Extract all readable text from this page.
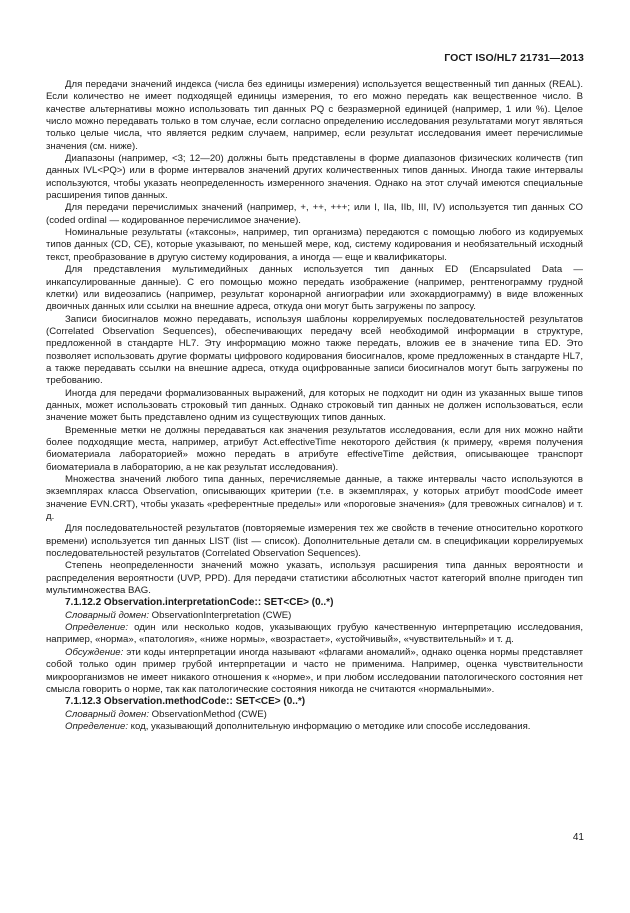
ГОСТ ISO/HL7 21731—2013

Для передачи значений индекса (числа без единицы измерения) используется вещественный тип данных (REAL). Если количество не имеет подходящей единицы измерения, то его можно передать как вещественное число. В качестве альтернативы можно использовать тип данных PQ с безразмерной единицей (например, 1 или %). Целое число можно передавать только в том случае, если согласно определению исследования результатами могут являться только целые числа, что является редким случаем, например, если результат исследования имеет перечислимые значения (см. ниже).

Диапазоны (например, <3; 12—20) должны быть представлены в форме диапазонов физических количеств (тип данных IVL<PQ>) или в форме интервалов значений других количественных типов данных. Иногда такие интервалы используются, чтобы указать неопределенность измеренного значения. Однако на этот случай имеются специальные расширения типов данных.

Для передачи перечислимых значений (например, +, ++, +++; или I, IIa, IIb, III, IV) используется тип данных CO (coded ordinal — кодированное перечислимое значение).

Номинальные результаты («таксоны», например, тип организма) передаются с помощью любого из кодируемых типов данных (CD, CE), которые указывают, по меньшей мере, код, систему кодирования и необязательный исходный текст, преобразование в другую систему кодирования, а иногда — еще и квалификаторы.

Для представления мультимедийных данных используется тип данных ED (Encapsulated Data — инкапсулированные данные). С его помощью можно передать изображение (например, рентгенограмму грудной клетки) или видеозапись (например, результат коронарной ангиографии или эхокардиограмму) в виде вложенных двоичных данных или ссылки на внешние адреса, откуда они могут быть загружены по запросу.

Записи биосигналов можно передавать, используя шаблоны коррелируемых последовательностей результатов (Correlated Observation Sequences), обеспечивающих передачу всей необходимой информации в структуре, предложенной в стандарте HL7. Эту информацию можно также передать, вложив ее в значение типа ED. Это позволяет использовать другие форматы цифрового кодирования биосигналов, кроме предложенных в стандарте HL7, а также передавать ссылки на внешние адреса, откуда оцифрованные записи биосигналов могут быть загружены по требованию.

Иногда для передачи формализованных выражений, для которых не подходит ни один из указанных выше типов данных, может использовать строковый тип данных. Однако строковый тип данных не должен использоваться, если значение может быть представлено одним из существующих типов данных.

Временные метки не должны передаваться как значения результатов исследования, если для них можно найти более подходящие места, например, атрибут Act.effectiveTime некоторого действия (к примеру, «время получения биоматериала лабораторией» можно передать в атрибуте effectiveTime действия, описывающее транспорт биоматериала в лабораторию, а не как результат исследования).

Множества значений любого типа данных, перечисляемые данные, а также интервалы часто используются в экземплярах класса Observation, описывающих критерии (т.е. в экземплярах, у которых атрибут moodCode имеет значение EVN.CRT), чтобы указать «референтные пределы» или «пороговые значения» (для тревожных сигналов) и т. д.

Для последовательностей результатов (повторяемые измерения тех же свойств в течение относительно короткого времени) используется тип данных LIST (list — список). Дополнительные детали см. в спецификации коррелируемых последовательностей результатов (Correlated Observation Sequences).

Степень неопределенности значений можно указать, используя расширения типа данных вероятности и распределения вероятности (UVP, PPD). Для передачи статистики абсолютных частот категорий вполне пригоден тип мультимножества BAG.

7.1.12.2 Observation.interpretationCode:: SET<CE> (0..*)

Словарный домен: ObservationInterpretation (CWE)

Определение: один или несколько кодов, указывающих грубую качественную интерпретацию исследования, например, «норма», «патология», «ниже нормы», «возрастает», «устойчивый», «чувствительный» и т. д.

Обсуждение: эти коды интерпретации иногда называют «флагами аномалий», однако оценка нормы представляет собой только один пример грубой интерпретации и часто не применима. Например, оценка чувствительности микроорганизмов не имеет никакого отношения к «норме», и при любом исследовании патологического состояния нет смысла говорить о норме, так как патологические состояния никогда не считаются «нормальными».

7.1.12.3 Observation.methodCode:: SET<CE> (0..*)

Словарный домен: ObservationMethod (CWE)

Определение: код, указывающий дополнительную информацию о методике или способе исследования.

41
